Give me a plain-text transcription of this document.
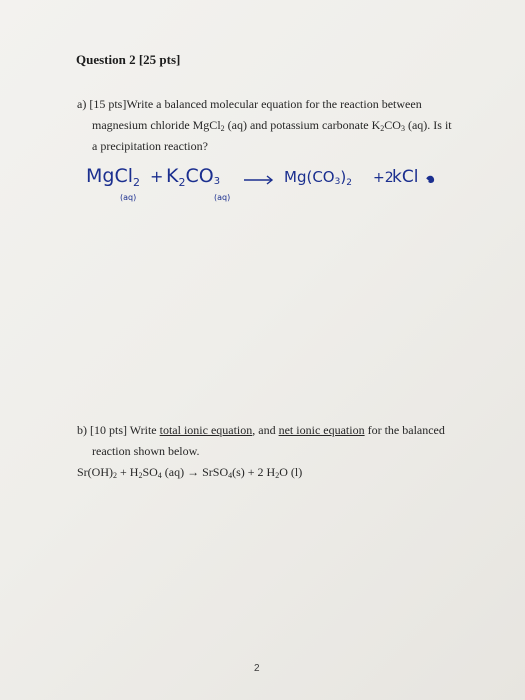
Question 2 [25 pts]
a) [15 pts]Write a balanced molecular equation for the reaction between
magnesium chloride MgCl$_2$ (aq) and potassium carbonate $K_2CO_3$ (aq). Is it
a precipitation reaction?
MgCl$_2$
(aq)
+ $K_2CO3$
(aq)
$Mg(CO3)_2 +2$
kCl
b) [10 pts] Write total ionic equation, and net ionic equation for the balanced
reaction shown below.
$Sr(OH)_2 + H_2SO_4$ (aq) → SrSO$_4$(s) + 2 $H_2O$ (l)
2
